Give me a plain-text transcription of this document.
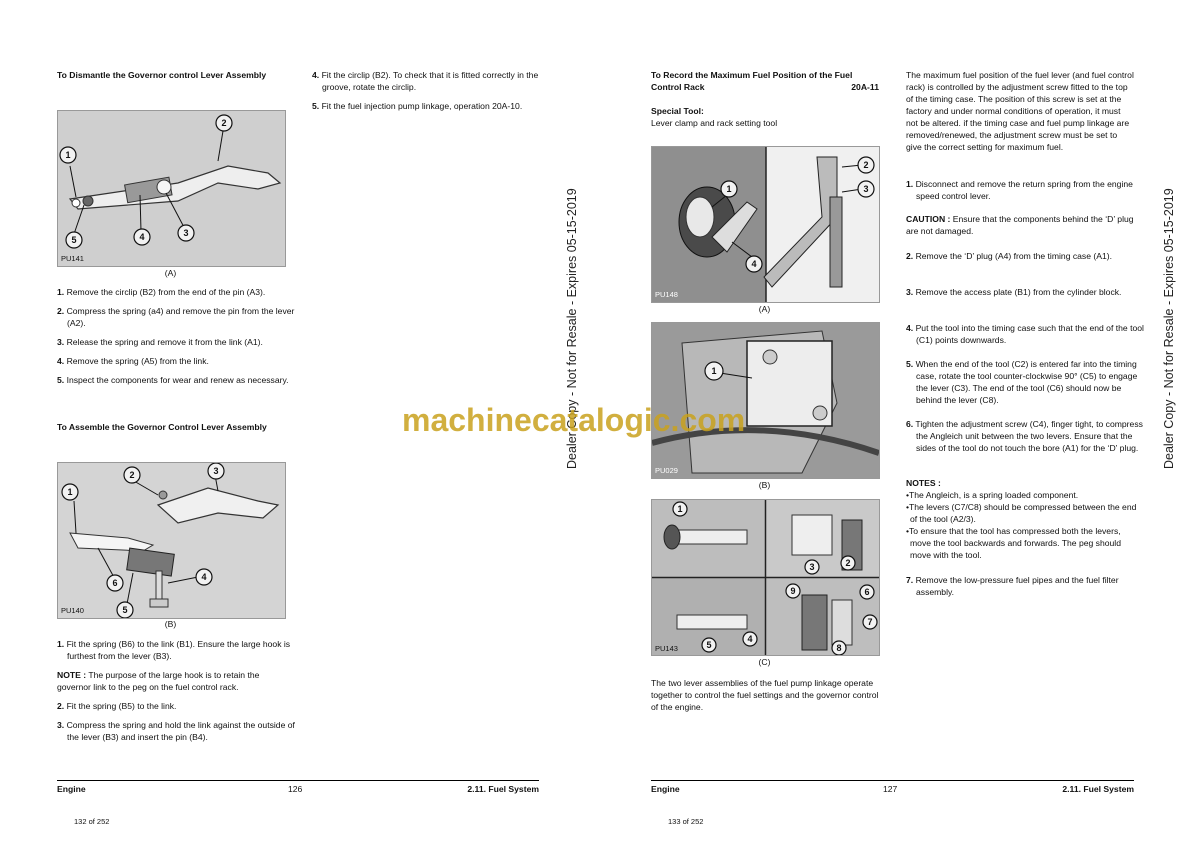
To Dismantle the Governor control Lever Assembly
1
2
3
4
5
PU141
(A)
1. Remove the circlip (B2) from the end of the pin (A3).
2. Compress the spring (a4) and remove the pin from the lever (A2).
3. Release the spring and remove it from the link (A1).
4. Remove the spring (A5) from the link.
5. Inspect the components for wear and renew as necessary.
To Assemble the Governor Control Lever Assembly
1
2	3
4
5
6
PU140
(B)
1. Fit the spring (B6) to the link (B1). Ensure the large hook is furthest from the lever (B3).
NOTE : The purpose of the large hook is to retain the governor link to the peg on the fuel control rack.
2. Fit the spring (B5) to the link.
3. Compress the spring and hold the link against the outside of the lever (B3) and insert the pin (B4).
4. Fit the circlip (B2). To check that it is fitted correctly in the groove, rotate the circlip.
5. Fit the fuel injection pump linkage, operation 20A-10.
Engine	126	2.11. Fuel System
132 of 252
Dealer Copy - Not for Resale - Expires 05-15-2019
To Record the Maximum Fuel Position of the Fuel Control Rack	20A-11
Special Tool:
Lever clamp and rack setting tool
1
2
3
4
PU148
(A)
1
PU029
(B)
1
2
3
4
5
6
7
8
9
PU143
(C)
The two lever assemblies of the fuel pump linkage operate together to control the fuel settings and the governor control of the engine.
The maximum fuel position of the fuel lever (and fuel control rack) is controlled by the adjustment screw fitted to the top of the timing case. The position of this screw is set at the factory and under normal conditions of operation, it must not be altered. if the timing case and fuel pump linkage are removed/renewed, the adjustment screw must be set to give the correct setting for maximum fuel.
1. Disconnect and remove the return spring from the engine speed control lever.
CAUTION : Ensure that the components behind the ‘D’ plug are not damaged.
2. Remove the ‘D’ plug (A4) from the timing case (A1).
3. Remove the access plate (B1) from the cylinder block.
4. Put the tool into the timing case such that the end of the tool (C1) points downwards.
5. When the end of the tool (C2) is entered far into the timing case, rotate the tool counter-clockwise 90° (C5) to engage the lever (C3). The end of the tool (C6) should now be behind the lever (C8).
6. Tighten the adjustment screw (C4), finger tight, to compress the Angleich unit between the two levers. Ensure that the sides of the tool do not touch the bore (A1) for the ‘D’ plug.
NOTES :
•The Angleich, is a spring loaded component.
•The levers (C7/C8) should be compressed between the end of the tool (A2/3).
•To ensure that the tool has compressed both the levers, move the tool backwards and forwards. The peg should move with the tool.
7. Remove the low-pressure fuel pipes and the fuel filter assembly.
Engine	127	2.11. Fuel System
133 of 252
Dealer Copy - Not for Resale - Expires 05-15-2019
machinecatalogic.com
